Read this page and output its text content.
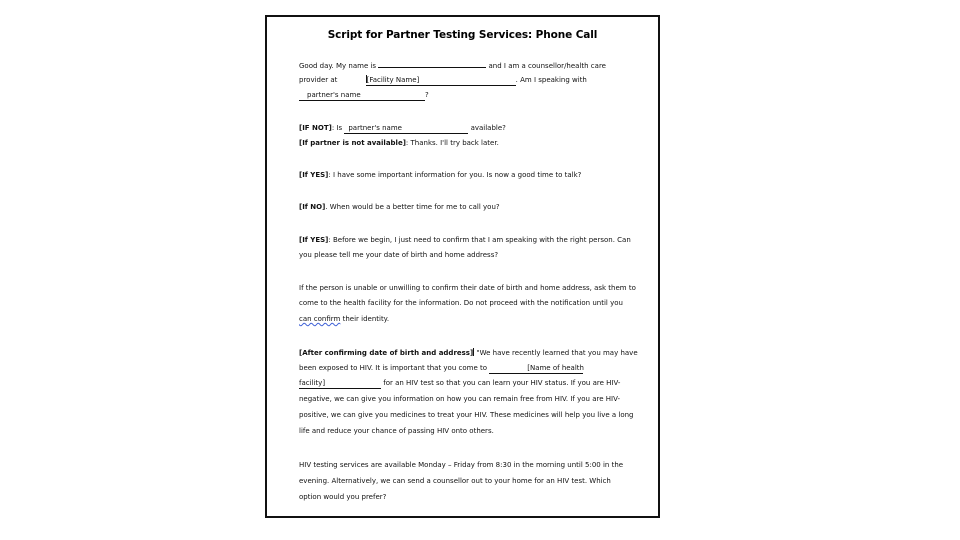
Script for Partner Testing Services: Phone Call
Good day. My name is	and I am a counsellor/health care
provider at	[Facility Name]	. Am I speaking with
partner's name	?
[IF NOT]: Is partner's name	available?
[If partner is not available]: Thanks. I'll try back later.
[If YES]: I have some important information for you. Is now a good time to talk?
[If NO]. When would be a better time for me to call you?
[If YES]: Before we begin, I just need to confirm that I am speaking with the right person. Can
you please tell me your date of birth and home address?
If the person is unable or unwilling to confirm their date of birth and home address, ask them to
come to the health facility for the information. Do not proceed with the notification until you
can confirm their identity.
[After confirming date of birth and address] "We have recently learned that you may have
been exposed to HIV. It is important that you come to	[Name of health
facility]	for an HIV test so that you can learn your HIV status. If you are HIV-
negative, we can give you information on how you can remain free from HIV. If you are HIV-
positive, we can give you medicines to treat your HIV. These medicines will help you live a long
life and reduce your chance of passing HIV onto others.
HIV testing services are available Monday – Friday from 8:30 in the morning until 5:00 in the
evening. Alternatively, we can send a counsellor out to your home for an HIV test. Which
option would you prefer?
